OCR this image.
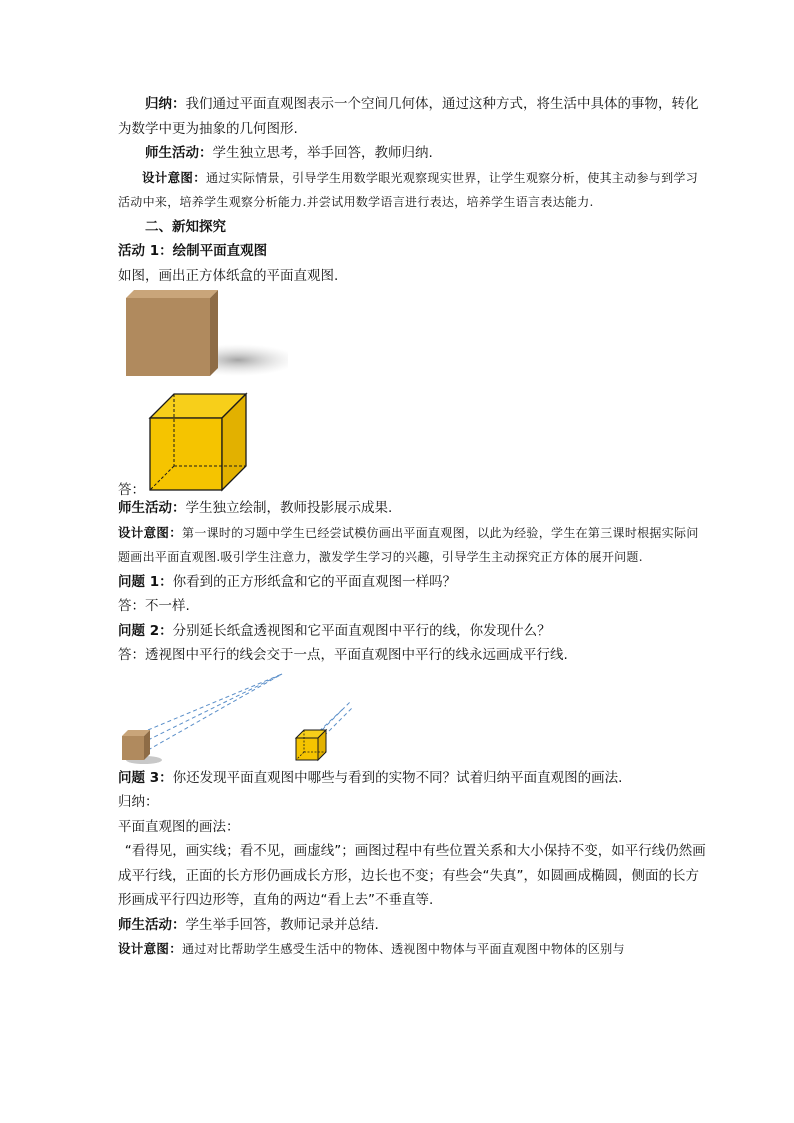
归纳：我们通过平面直观图表示一个空间几何体，通过这种方式，将生活中具体的事物，转化为数学中更为抽象的几何图形.

师生活动：学生独立思考，举手回答，教师归纳.

设计意图：通过实际情景，引导学生用数学眼光观察现实世界，让学生观察分析，使其主动参与到学习活动中来，培养学生观察分析能力.并尝试用数学语言进行表达，培养学生语言表达能力.

二、新知探究

活动 1：绘制平面直观图

如图，画出正方体纸盒的平面直观图.

答：

师生活动：学生独立绘制，教师投影展示成果.

设计意图：第一课时的习题中学生已经尝试模仿画出平面直观图，以此为经验，学生在第三课时根据实际问题画出平面直观图.吸引学生注意力，激发学生学习的兴趣，引导学生主动探究正方体的展开问题.

问题 1：你看到的正方形纸盒和它的平面直观图一样吗？

答：不一样.

问题 2：分别延长纸盒透视图和它平面直观图中平行的线，你发现什么？

答：透视图中平行的线会交于一点，平面直观图中平行的线永远画成平行线.

问题 3：你还发现平面直观图中哪些与看到的实物不同？试着归纳平面直观图的画法.

归纳：

平面直观图的画法：

“看得见，画实线；看不见，画虚线”；画图过程中有些位置关系和大小保持不变，如平行线仍然画成平行线，正面的长方形仍画成长方形，边长也不变；有些会“失真”，如圆画成椭圆，侧面的长方形画成平行四边形等，直角的两边“看上去”不垂直等.

师生活动：学生举手回答，教师记录并总结.

设计意图：通过对比帮助学生感受生活中的物体、透视图中物体与平面直观图中物体的区别与
